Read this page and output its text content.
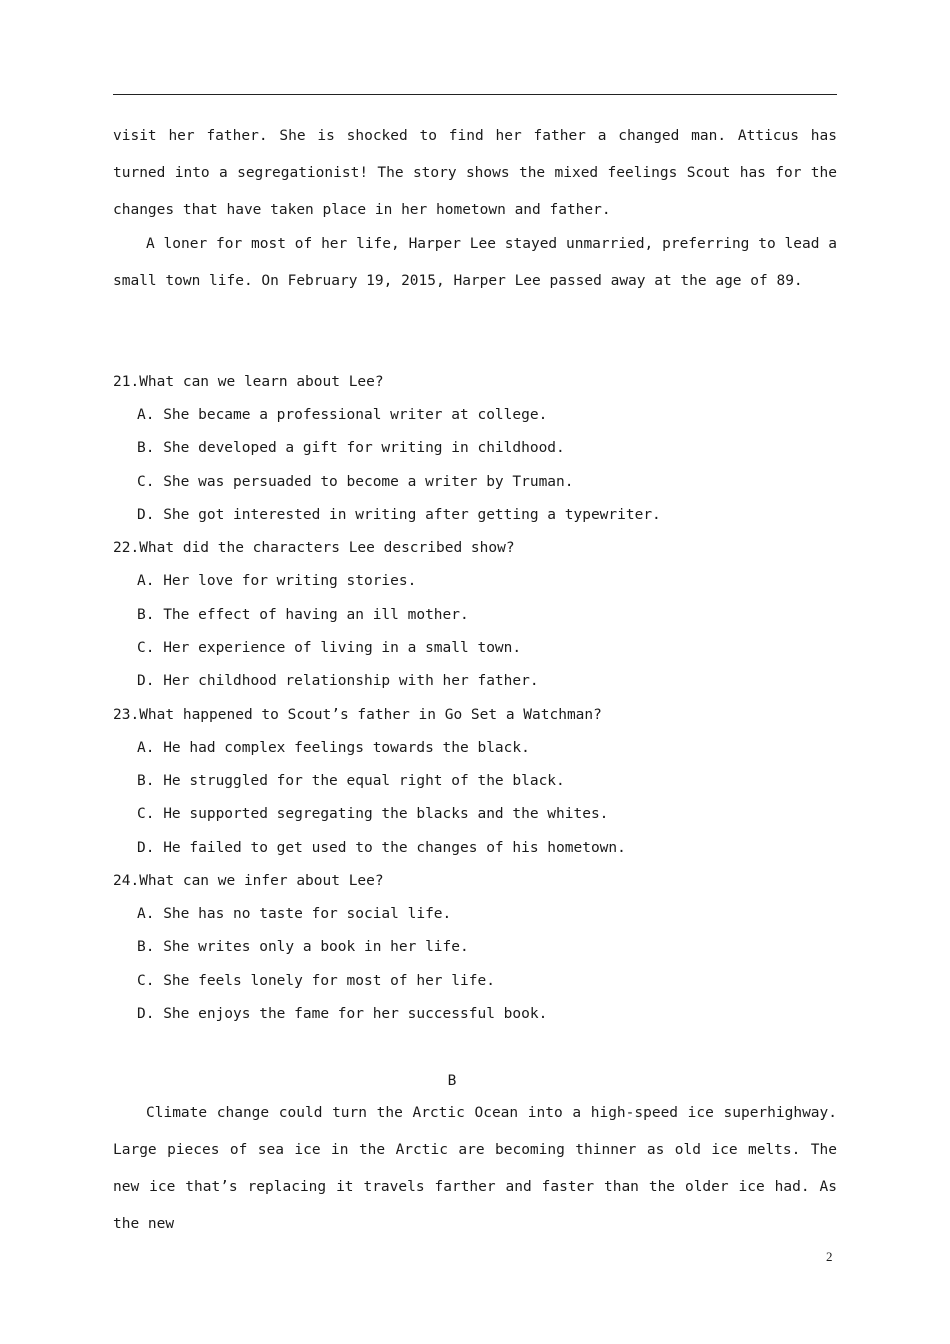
visit her father. She is shocked to find her father a changed man. Atticus has turned into a segregationist! The story shows the mixed feelings Scout has for the changes that have taken place in her hometown and father.
A loner for most of her life, Harper Lee stayed unmarried, preferring to lead a small town life. On February 19, 2015, Harper Lee passed away at the age of 89.
21.What can we learn about Lee?
A. She became a professional writer at college.
B. She developed a gift for writing in childhood.
C. She was persuaded to become a writer by Truman.
D. She got interested in writing after getting a typewriter.
22.What did the characters Lee described show?
A. Her love for writing stories.
B. The effect of having an ill mother.
C. Her experience of living in a small town.
D. Her childhood relationship with her father.
23.What happened to Scout’s father in Go Set a Watchman?
A. He had complex feelings towards the black.
B. He struggled for the equal right of the black.
C. He supported segregating the blacks and the whites.
D. He failed to get used to the changes of his hometown.
24.What can we infer about Lee?
A. She has no taste for social life.
B. She writes only a book in her life.
C. She feels lonely for most of her life.
D. She enjoys the fame for her successful book.
B
Climate change could turn the Arctic Ocean into a high-speed ice superhighway. Large pieces of sea ice in the Arctic are becoming thinner as old ice melts. The new ice that’s replacing it travels farther and faster than the older ice had. As the new
2
